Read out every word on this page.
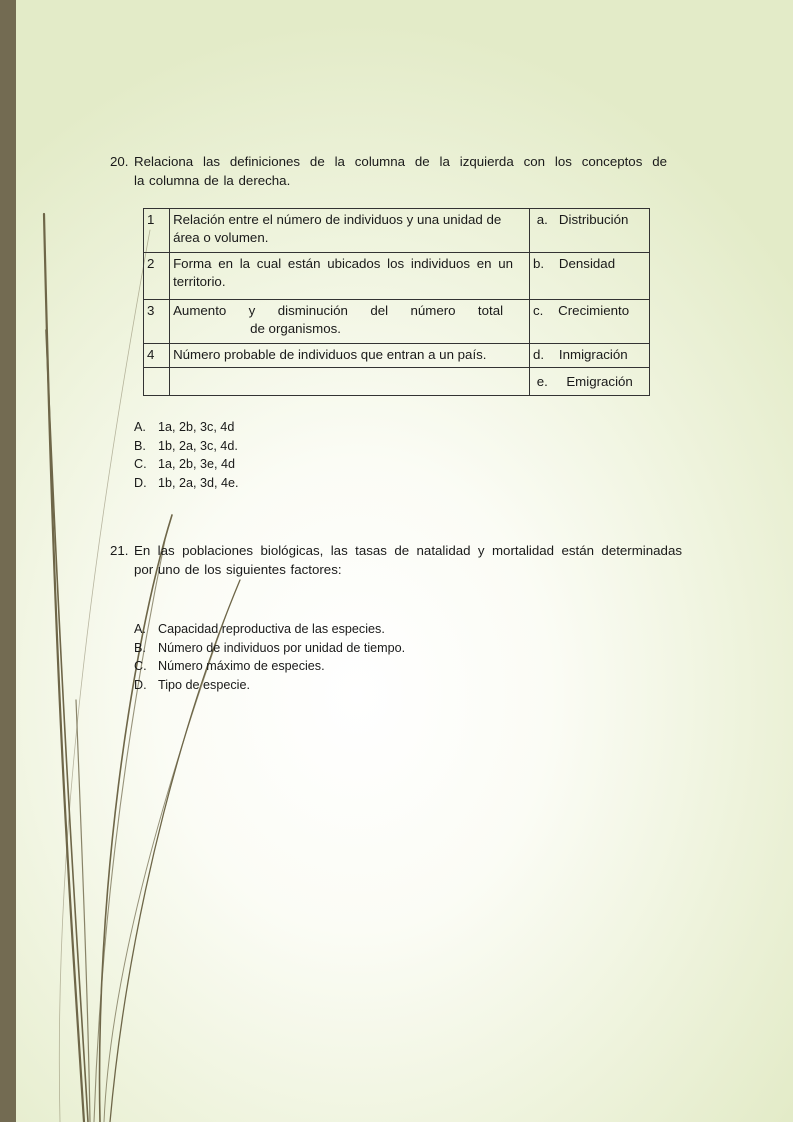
20. Relaciona las definiciones de la columna de la izquierda con los conceptos de
la columna de la derecha.
1	Relación entre el número de individuos y una unidad de área o volumen.	a. Distribución
2	Forma en la cual están ubicados los individuos en un territorio.	b. Densidad
3	Aumento y disminución del número total
de organismos.	c. Crecimiento
4	Número probable de individuos que entran a un país.	d. Inmigración
		e. Emigración
A. 1a, 2b, 3c, 4d
B. 1b, 2a, 3c, 4d.
C. 1a, 2b, 3e, 4d
D. 1b, 2a, 3d, 4e.
21. En las poblaciones biológicas, las tasas de natalidad y mortalidad están determinadas
por uno de los siguientes factores:
A. Capacidad reproductiva de las especies.
B. Número de individuos por unidad de tiempo.
C. Número máximo de especies.
D. Tipo de especie.
